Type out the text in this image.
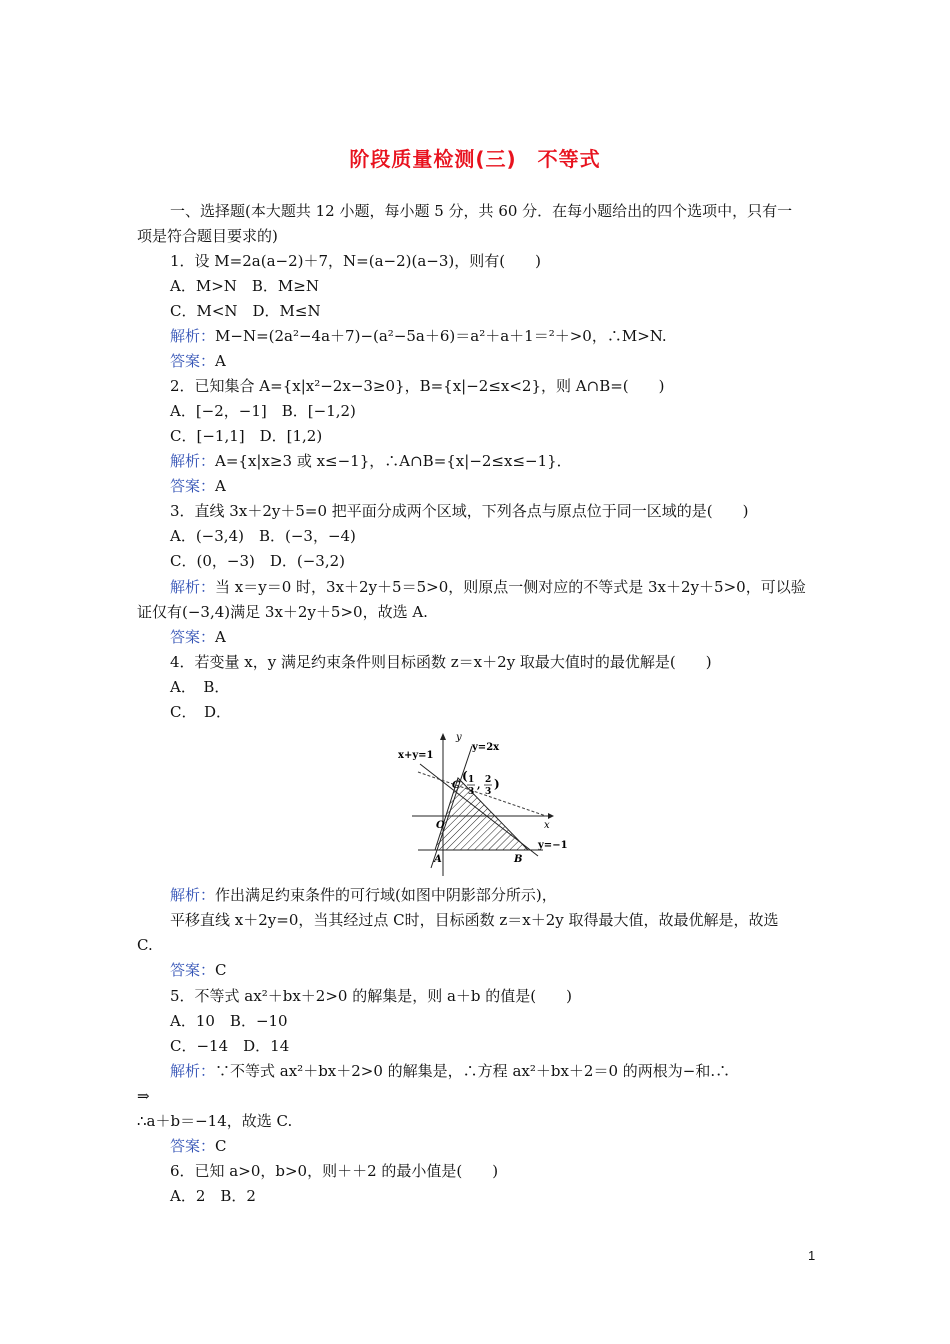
阶段质量检测(三)　不等式
一、选择题(本大题共 12 小题，每小题 5 分，共 60 分．在每小题给出的四个选项中，只有一
项是符合题目要求的)
1．设 M=2a(a−2)＋7，N=(a−2)(a−3)，则有(　　)
A．M>N　B．M≥N
C．M<N　D．M≤N
解析：M−N=(2a²−4a＋7)−(a²−5a＋6)＝a²＋a＋1＝²＋>0，∴M>N.
答案：A
2．已知集合 A={x|x²−2x−3≥0}，B={x|−2≤x<2}，则 A∩B=(　　)
A．[−2，−1]　B．[−1,2)
C．[−1,1]　D．[1,2)
解析：A={x|x≥3 或 x≤−1}，∴A∩B={x|−2≤x≤−1}．
答案：A
3．直线 3x＋2y＋5=0 把平面分成两个区域，下列各点与原点位于同一区域的是(　　)
A．(−3,4)　B．(−3，−4)
C．(0，−3)　D．(−3,2)
解析：当 x＝y＝0 时，3x＋2y＋5＝5>0，则原点一侧对应的不等式是 3x＋2y＋5>0，可以验
证仅有(−3,4)满足 3x＋2y＋5>0，故选 A.
答案：A
4．若变量 x，y 满足约束条件则目标函数 z＝x＋2y 取最大值时的最优解是(　　)
A．　B．
C．　D．
x+y=1
y=2x
y
x
y=−1
C
( 1
3
, 2
3
)
O
A	B
解析：作出满足约束条件的可行域(如图中阴影部分所示)，
平移直线 x＋2y=0，当其经过点 C时，目标函数 z＝x＋2y 取得最大值，故最优解是，故选
C.
答案：C
5．不等式 ax²＋bx＋2>0 的解集是，则 a＋b 的值是(　　)
A．10　B．−10
C．−14　D．14
解析：∵不等式 ax²＋bx＋2>0 的解集是，∴方程 ax²＋bx＋2＝0 的两根为−和.∴
⇒
∴a＋b＝−14，故选 C.
答案：C
6．已知 a>0，b>0，则＋＋2 的最小值是(　　)
A．2　B．2
1
